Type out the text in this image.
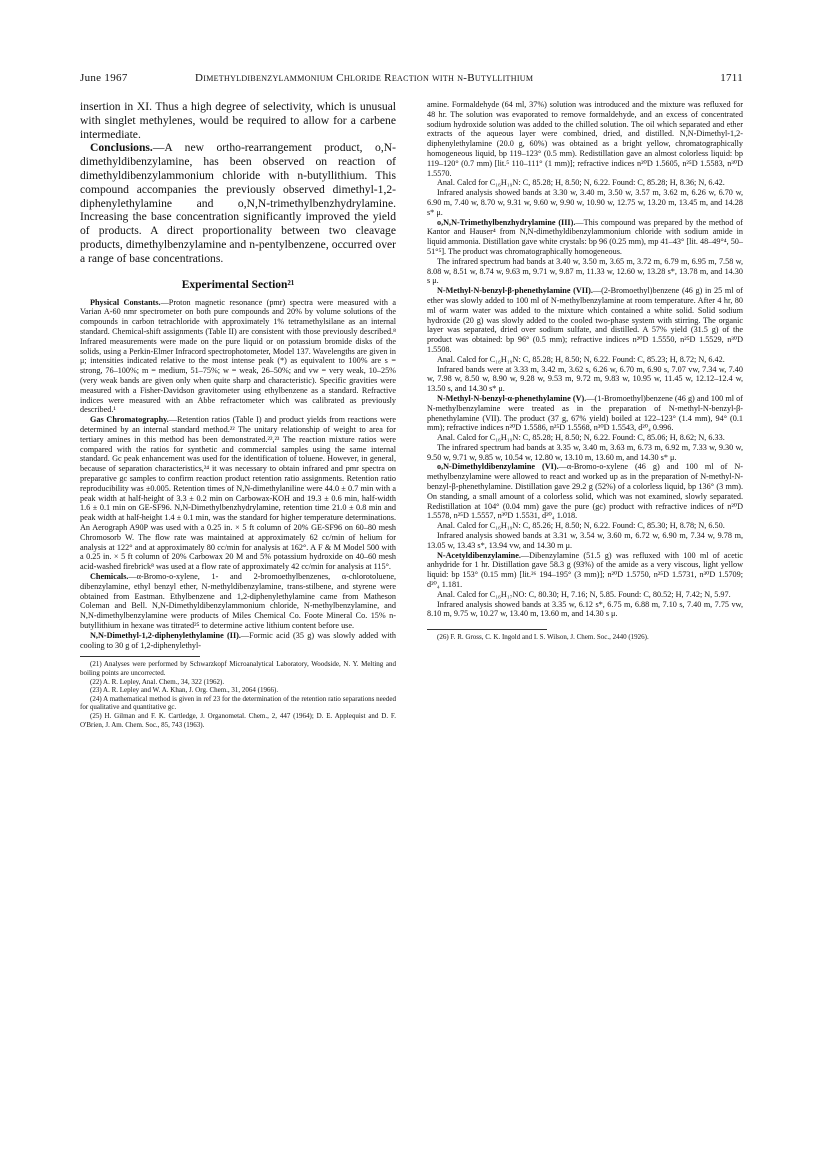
June 1967	Dimethyldibenzylammonium Chloride Reaction with n-Butyllithium	1711

insertion in XI. Thus a high degree of selectivity, which is unusual with singlet methylenes, would be required to allow for a carbene intermediate.

Conclusions.—A new ortho-rearrangement product, o,N-dimethyldibenzylamine, has been observed on reaction of dimethyldibenzylammonium chloride with n-butyllithium. This compound accompanies the previously observed dimethyl-1,2-diphenylethylamine and o,N,N-trimethylbenzhydrylamine. Increasing the base concentration significantly improved the yield of products. A direct proportionality between two cleavage products, dimethylbenzylamine and n-pentylbenzene, occurred over a range of base concentrations.

Experimental Section²¹

Physical Constants.—Proton magnetic resonance (pmr) spectra were measured with a Varian A-60 nmr spectrometer on both pure compounds and 20% by volume solutions of the compounds in carbon tetrachloride with approximately 1% tetramethylsilane as an internal standard. Chemical-shift assignments (Table II) are consistent with those previously described.⁸ Infrared measurements were made on the pure liquid or on potassium bromide disks of the solids, using a Perkin-Elmer Infracord spectrophotometer, Model 137. Wavelengths are given in μ; intensities indicated relative to the most intense peak (*) as equivalent to 100% are s = strong, 76–100%; m = medium, 51–75%; w = weak, 26–50%; and vw = very weak, 10–25% (very weak bands are given only when quite sharp and characteristic). Specific gravities were measured with a Fisher-Davidson gravitometer using ethylbenzene as a standard. Refractive indices were measured with an Abbe refractometer which was calibrated as previously described.¹

Gas Chromatography.—Retention ratios (Table I) and product yields from reactions were determined by an internal standard method.²² The unitary relationship of weight to area for tertiary amines in this method has been demonstrated.²²,²³ The reaction mixture ratios were compared with the ratios for synthetic and commercial samples using the same internal standard. Gc peak enhancement was used for the identification of toluene. However, in general, because of separation characteristics,²⁴ it was necessary to obtain infrared and pmr spectra on preparative gc samples to confirm reaction product retention ratio assignments. Retention ratio reproducibility was ±0.005. Retention times of N,N-dimethylaniline were 44.0 ± 0.7 min with a peak width at half-height of 3.3 ± 0.2 min on Carbowax-KOH and 19.3 ± 0.6 min, half-width 1.6 ± 0.1 min on GE-SF96. N,N-Dimethylbenzhydrylamine, retention time 21.0 ± 0.8 min and peak width at half-height 1.4 ± 0.1 min, was the standard for higher temperature determinations. An Aerograph A90P was used with a 0.25 in. × 5 ft column of 20% GE-SF96 on 60–80 mesh Chromosorb W. The flow rate was maintained at approximately 62 cc/min of helium for analysis at 122° and at approximately 80 cc/min for analysis at 162°. A F & M Model 500 with a 0.25 in. × 5 ft column of 20% Carbowax 20 M and 5% potassium hydroxide on 40–60 mesh acid-washed firebrick⁸ was used at a flow rate of approximately 42 cc/min for analysis at 115°.

Chemicals.—α-Bromo-o-xylene, 1- and 2-bromoethylbenzenes, α-chlorotoluene, dibenzylamine, ethyl benzyl ether, N-methyldibenzylamine, trans-stilbene, and styrene were obtained from Eastman. Ethylbenzene and 1,2-diphenylethylamine came from Matheson Coleman and Bell. N,N-Dimethyldibenzylammonium chloride, N-methylbenzylamine, and N,N-dimethylbenzylamine were products of Miles Chemical Co. Foote Mineral Co. 15% n-butyllithium in hexane was titrated²⁵ to determine active lithium content before use.

N,N-Dimethyl-1,2-diphenylethylamine (II).—Formic acid (35 g) was slowly added with cooling to 30 g of 1,2-diphenylethyl-

(21) Analyses were performed by Schwarzkopf Microanalytical Laboratory, Woodside, N. Y. Melting and boiling points are uncorrected.

(22) A. R. Lepley, Anal. Chem., 34, 322 (1962).

(23) A. R. Lepley and W. A. Khan, J. Org. Chem., 31, 2064 (1966).

(24) A mathematical method is given in ref 23 for the determination of the retention ratio separations needed for qualitative and quantitative gc.

(25) H. Gilman and F. K. Cartledge, J. Organometal. Chem., 2, 447 (1964); D. E. Applequist and D. F. O'Brien, J. Am. Chem. Soc., 85, 743 (1963).

amine. Formaldehyde (64 ml, 37%) solution was introduced and the mixture was refluxed for 48 hr. The solution was evaporated to remove formaldehyde, and an excess of concentrated sodium hydroxide solution was added to the chilled solution. The oil which separated and ether extracts of the aqueous layer were combined, dried, and distilled. N,N-Dimethyl-1,2-diphenylethylamine (20.0 g, 60%) was obtained as a bright yellow, chromatographically homogeneous liquid, bp 119–123° (0.5 mm). Redistillation gave an almost colorless liquid: bp 119–120° (0.7 mm) [lit.⁵ 110–111° (1 mm)]; refractive indices n²⁰D 1.5605, n²⁵D 1.5583, n³⁰D 1.5570.

Anal. Calcd for C₁₆H₁₉N: C, 85.28; H, 8.50; N, 6.22. Found: C, 85.28; H, 8.36; N, 6.42.

Infrared analysis showed bands at 3.30 w, 3.40 m, 3.50 w, 3.57 m, 3.62 m, 6.26 w, 6.70 w, 6.90 m, 7.40 w, 8.70 w, 9.31 w, 9.60 w, 9.90 w, 10.90 w, 12.75 w, 13.20 m, 13.45 m, and 14.28 s* μ.

o,N,N-Trimethylbenzhydrylamine (III).—This compound was prepared by the method of Kantor and Hauser⁴ from N,N-dimethyldibenzylammonium chloride with sodium amide in liquid ammonia. Distillation gave white crystals: bp 96 (0.25 mm), mp 41–43° [lit. 48–49°⁴, 50–51°⁵]. The product was chromatographically homogeneous.

The infrared spectrum had bands at 3.40 w, 3.50 m, 3.65 m, 3.72 m, 6.79 m, 6.95 m, 7.58 w, 8.08 w, 8.51 w, 8.74 w, 9.63 m, 9.71 w, 9.87 m, 11.33 w, 12.60 w, 13.28 s*, 13.78 m, and 14.30 s μ.

N-Methyl-N-benzyl-β-phenethylamine (VII).—(2-Bromoethyl)benzene (46 g) in 25 ml of ether was slowly added to 100 ml of N-methylbenzylamine at room temperature. After 4 hr, 80 ml of warm water was added to the mixture which contained a white solid. Solid sodium hydroxide (20 g) was slowly added to the cooled two-phase system with stirring. The organic layer was separated, dried over sodium sulfate, and distilled. A 57% yield (31.5 g) of the product was obtained: bp 96° (0.5 mm); refractive indices n²⁰D 1.5550, n²⁵D 1.5529, n³⁰D 1.5508.

Anal. Calcd for C₁₆H₁₉N: C, 85.28; H, 8.50; N, 6.22. Found: C, 85.23; H, 8.72; N, 6.42.

Infrared bands were at 3.33 m, 3.42 m, 3.62 s, 6.26 w, 6.70 m, 6.90 s, 7.07 vw, 7.34 w, 7.40 w, 7.98 w, 8.50 w, 8.90 w, 9.28 w, 9.53 m, 9.72 m, 9.83 w, 10.95 w, 11.45 w, 12.12–12.4 w, 13.50 s, and 14.30 s* μ.

N-Methyl-N-benzyl-α-phenethylamine (V).—(1-Bromoethyl)benzene (46 g) and 100 ml of N-methylbenzylamine were treated as in the preparation of N-methyl-N-benzyl-β-phenethylamine (VII). The product (37 g, 67% yield) boiled at 122–123° (1.4 mm), 94° (0.1 mm); refractive indices n²⁰D 1.5586, n²⁵D 1.5568, n³⁰D 1.5543, d²⁰₄ 0.996.

Anal. Calcd for C₁₆H₁₉N: C, 85.28; H, 8.50; N, 6.22. Found: C, 85.06; H, 8.62; N, 6.33.

The infrared spectrum had bands at 3.35 w, 3.40 m, 3.63 m, 6.73 m, 6.92 m, 7.33 w, 9.30 w, 9.50 w, 9.71 w, 9.85 w, 10.54 w, 12.80 w, 13.10 m, 13.60 m, and 14.30 s* μ.

o,N-Dimethyldibenzylamine (VI).—α-Bromo-o-xylene (46 g) and 100 ml of N-methylbenzylamine were allowed to react and worked up as in the preparation of N-methyl-N-benzyl-β-phenethylamine. Distillation gave 29.2 g (52%) of a colorless liquid, bp 136° (3 mm). On standing, a small amount of a colorless solid, which was not examined, slowly separated. Redistillation at 104° (0.04 mm) gave the pure (gc) product with refractive indices of n²⁰D 1.5578, n²⁵D 1.5557, n³⁰D 1.5531, d²⁰₄ 1.018.

Anal. Calcd for C₁₆H₁₉N: C, 85.26; H, 8.50; N, 6.22. Found: C, 85.30; H, 8.78; N, 6.50.

Infrared analysis showed bands at 3.31 w, 3.54 w, 3.60 m, 6.72 w, 6.90 m, 7.34 w, 9.78 m, 13.05 w, 13.43 s*, 13.94 vw, and 14.30 m μ.

N-Acetyldibenzylamine.—Dibenzylamine (51.5 g) was refluxed with 100 ml of acetic anhydride for 1 hr. Distillation gave 58.3 g (93%) of the amide as a very viscous, light yellow liquid: bp 153° (0.15 mm) [lit.²⁶ 194–195° (3 mm)]; n²⁰D 1.5750, n²⁵D 1.5731, n³⁰D 1.5709; d²⁰₄ 1.181.

Anal. Calcd for C₁₆H₁₇NO: C, 80.30; H, 7.16; N, 5.85. Found: C, 80.52; H, 7.42; N, 5.97.

Infrared analysis showed bands at 3.35 w, 6.12 s*, 6.75 m, 6.88 m, 7.10 s, 7.40 m, 7.75 vw, 8.10 m, 9.75 w, 10.27 w, 13.40 m, 13.60 m, and 14.30 s μ.

(26) F. R. Gross, C. K. Ingold and I. S. Wilson, J. Chem. Soc., 2440 (1926).
